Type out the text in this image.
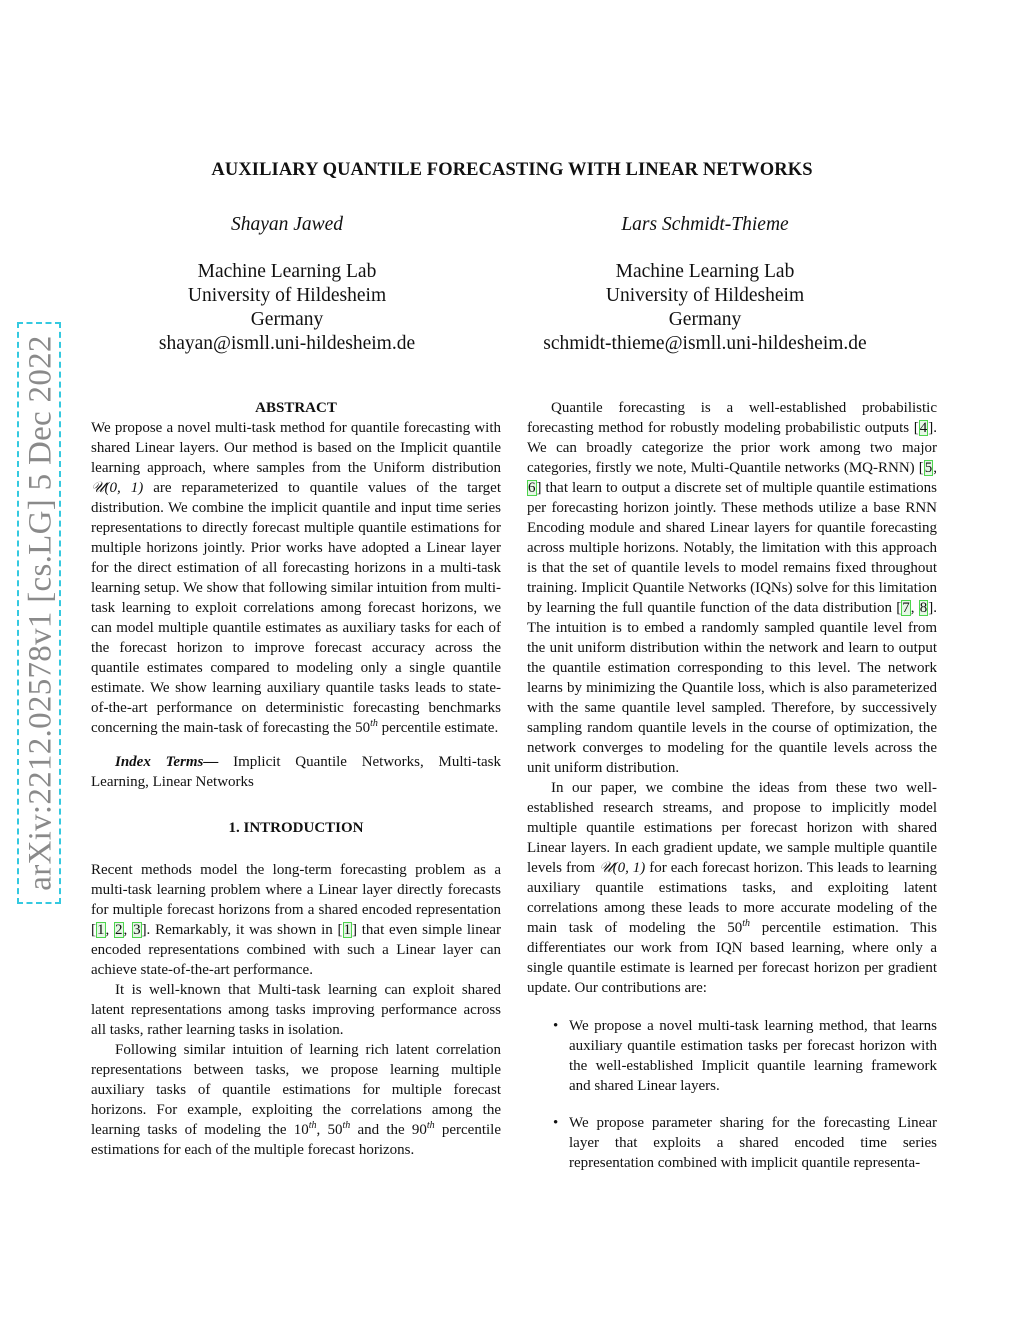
arXiv:2212.02578v1 [cs.LG] 5 Dec 2022
AUXILIARY QUANTILE FORECASTING WITH LINEAR NETWORKS
Shayan Jawed
Machine Learning Lab
University of Hildesheim
Germany
shayan@ismll.uni-hildesheim.de
Lars Schmidt-Thieme
Machine Learning Lab
University of Hildesheim
Germany
schmidt-thieme@ismll.uni-hildesheim.de
ABSTRACT

We propose a novel multi-task method for quantile forecasting with shared Linear layers. Our method is based on the Implicit quantile learning approach, where samples from the Uniform distribution 𝒰(0, 1) are reparameterized to quantile values of the target distribution. We combine the implicit quantile and input time series representations to directly forecast multiple quantile estimations for multiple horizons jointly. Prior works have adopted a Linear layer for the direct estimation of all forecasting horizons in a multi-task learning setup. We show that following similar intuition from multi-task learning to exploit correlations among forecast horizons, we can model multiple quantile estimates as auxiliary tasks for each of the forecast horizon to improve forecast accuracy across the quantile estimates compared to modeling only a single quantile estimate. We show learning auxiliary quantile tasks leads to state-of-the-art performance on deterministic forecasting benchmarks concerning the main-task of forecasting the 50th percentile estimate.

Index Terms— Implicit Quantile Networks, Multi-task Learning, Linear Networks

1. INTRODUCTION

Recent methods model the long-term forecasting problem as a multi-task learning problem where a Linear layer directly forecasts for multiple forecast horizons from a shared encoded representation [1, 2, 3]. Remarkably, it was shown in [1] that even simple linear encoded representations combined with such a Linear layer can achieve state-of-the-art performance.

It is well-known that Multi-task learning can exploit shared latent representations among tasks improving performance across all tasks, rather learning tasks in isolation.

Following similar intuition of learning rich latent correlation representations between tasks, we propose learning multiple auxiliary tasks of quantile estimations for multiple forecast horizons. For example, exploiting the correlations among the learning tasks of modeling the 10th, 50th and the 90th percentile estimations for each of the multiple forecast horizons.

Quantile forecasting is a well-established probabilistic forecasting method for robustly modeling probabilistic outputs [4]. We can broadly categorize the prior work among two major categories, firstly we note, Multi-Quantile networks (MQ-RNN) [5, 6] that learn to output a discrete set of multiple quantile estimations per forecasting horizon jointly. These methods utilize a base RNN Encoding module and shared Linear layers for quantile forecasting across multiple horizons. Notably, the limitation with this approach is that the set of quantile levels to model remains fixed throughout training. Implicit Quantile Networks (IQNs) solve for this limitation by learning the full quantile function of the data distribution [7, 8]. The intuition is to embed a randomly sampled quantile level from the unit uniform distribution within the network and learn to output the quantile estimation corresponding to this level. The network learns by minimizing the Quantile loss, which is also parameterized with the same quantile level sampled. Therefore, by successively sampling random quantile levels in the course of optimization, the network converges to modeling for the quantile levels across the unit uniform distribution.

In our paper, we combine the ideas from these two well-established research streams, and propose to implicitly model multiple quantile estimations per forecast horizon with shared Linear layers. In each gradient update, we sample multiple quantile levels from 𝒰(0, 1) for each forecast horizon. This leads to learning auxiliary quantile estimations tasks, and exploiting latent correlations among these leads to more accurate modeling of the main task of modeling the 50th percentile estimation. This differentiates our work from IQN based learning, where only a single quantile estimate is learned per forecast horizon per gradient update. Our contributions are:

• We propose a novel multi-task learning method, that learns auxiliary quantile estimation tasks per forecast horizon with the well-established Implicit quantile learning framework and shared Linear layers.
• We propose parameter sharing for the forecasting Linear layer that exploits a shared encoded time series representation combined with implicit quantile representa-
